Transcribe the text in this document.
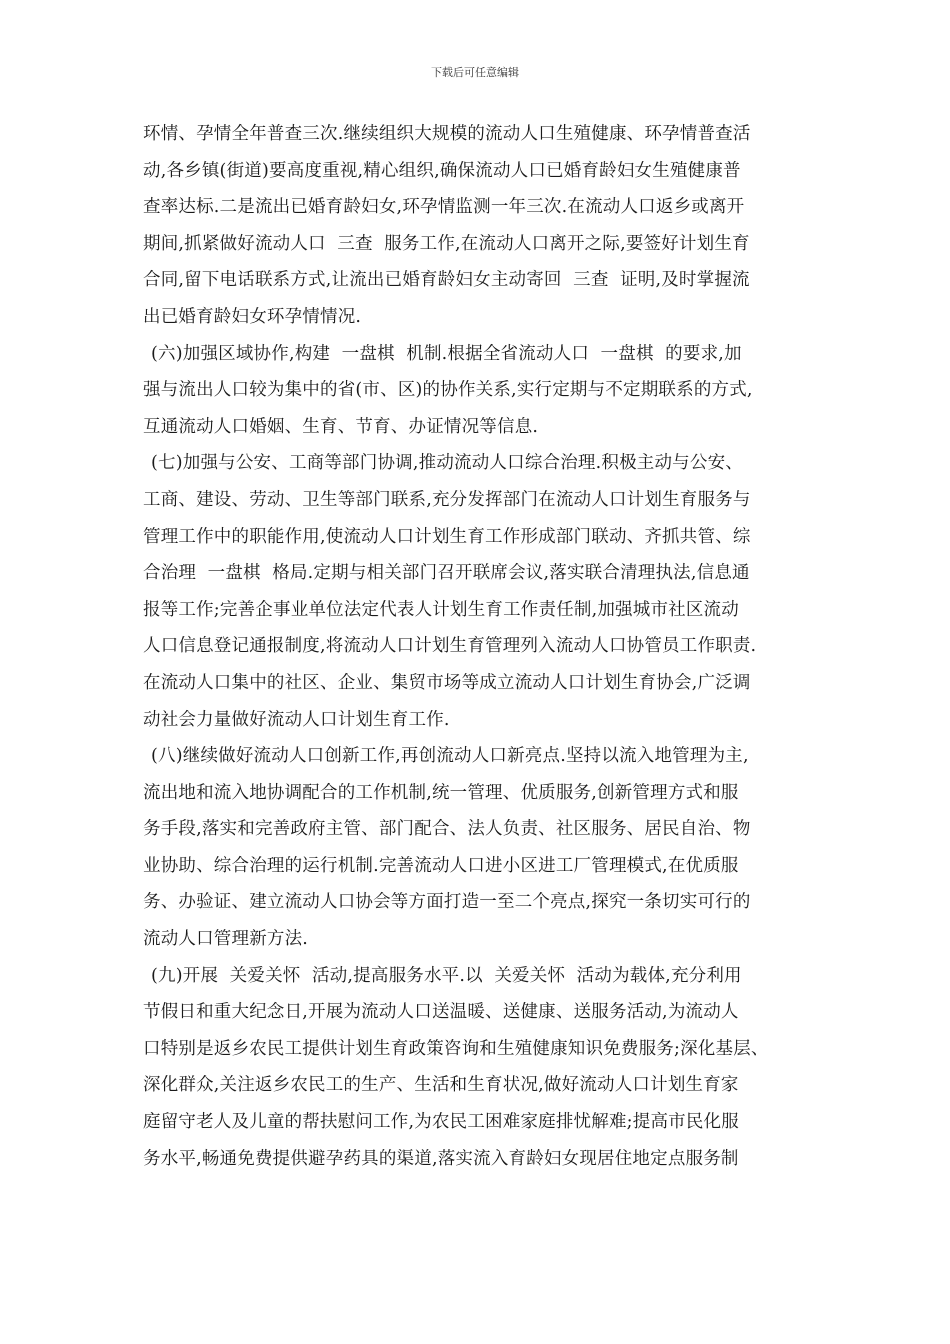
下载后可任意编辑
环情、孕情全年普查三次.继续组织大规模的流动人口生殖健康、环孕情普查活
动,各乡镇(街道)要高度重视,精心组织,确保流动人口已婚育龄妇女生殖健康普
查率达标.二是流出已婚育龄妇女,环孕情监测一年三次.在流动人口返乡或离开
期间,抓紧做好流动人口  三查  服务工作,在流动人口离开之际,要签好计划生育
合同,留下电话联系方式,让流出已婚育龄妇女主动寄回  三查  证明,及时掌握流
出已婚育龄妇女环孕情情况.
(六)加强区域协作,构建  一盘棋  机制.根据全省流动人口  一盘棋  的要求,加
强与流出人口较为集中的省(市、区)的协作关系,实行定期与不定期联系的方式,
互通流动人口婚姻、生育、节育、办证情况等信息.
(七)加强与公安、工商等部门协调,推动流动人口综合治理.积极主动与公安、
工商、建设、劳动、卫生等部门联系,充分发挥部门在流动人口计划生育服务与
管理工作中的职能作用,使流动人口计划生育工作形成部门联动、齐抓共管、综
合治理  一盘棋  格局.定期与相关部门召开联席会议,落实联合清理执法,信息通
报等工作;完善企事业单位法定代表人计划生育工作责任制,加强城市社区流动
人口信息登记通报制度,将流动人口计划生育管理列入流动人口协管员工作职责.
在流动人口集中的社区、企业、集贸市场等成立流动人口计划生育协会,广泛调
动社会力量做好流动人口计划生育工作.
(八)继续做好流动人口创新工作,再创流动人口新亮点.坚持以流入地管理为主,
流出地和流入地协调配合的工作机制,统一管理、优质服务,创新管理方式和服
务手段,落实和完善政府主管、部门配合、法人负责、社区服务、居民自治、物
业协助、综合治理的运行机制.完善流动人口进小区进工厂管理模式,在优质服
务、办验证、建立流动人口协会等方面打造一至二个亮点,探究一条切实可行的
流动人口管理新方法.
(九)开展  关爱关怀  活动,提高服务水平.以  关爱关怀  活动为载体,充分利用
节假日和重大纪念日,开展为流动人口送温暖、送健康、送服务活动,为流动人
口特别是返乡农民工提供计划生育政策咨询和生殖健康知识免费服务;深化基层、
深化群众,关注返乡农民工的生产、生活和生育状况,做好流动人口计划生育家
庭留守老人及儿童的帮扶慰问工作,为农民工困难家庭排忧解难;提高市民化服
务水平,畅通免费提供避孕药具的渠道,落实流入育龄妇女现居住地定点服务制
